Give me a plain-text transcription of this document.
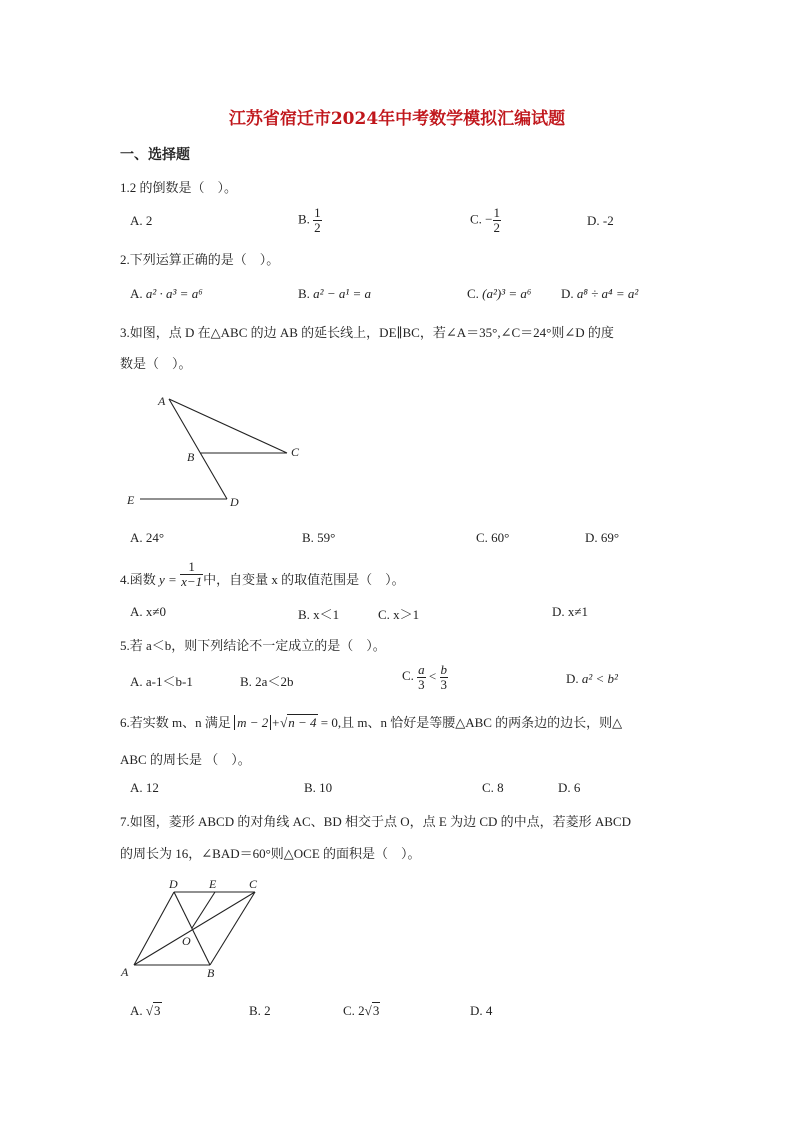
江苏省宿迁市2024年中考数学模拟汇编试题
一、选择题
1.2 的倒数是（　）。
A. 2	B. $\frac{1}{2}$	C. − $\frac{1}{2}$	D. -2
2.下列运算正确的是（　）。
A. a² · a³ = a⁶	B. a² − a¹ = a	C. (a²)³ = a⁶ D. a⁸ ÷ a⁴ = a²
3.如图，点 D 在△ABC 的边 AB 的延长线上，DE∥BC，若∠A＝35°,∠C＝24°则∠D 的度
数是（　）。
A
B	C
D
E
A. 24°	B. 59°	C. 60°	D. 69°
4.函数 $y = \frac{1}{x-1}$ 中，自变量 x 的取值范围是（　）。
A. x≠0	B. x＜1	C. x＞1	D. x≠1
5.若 a＜b，则下列结论不一定成立的是（　）。
A. a-1＜b-1	B. 2a＜2b	C. $\frac{a}{3} < \frac{b}{3}$	D. a² < b²
6.若实数 m、n 满足 m − 2 +√n − 4 = 0,且 m、n 恰好是等腰△ABC 的两条边的边长，则△
ABC 的周长是 （　）。
A. 12	B. 10	C. 8	D. 6
7.如图，菱形 ABCD 的对角线 AC、BD 相交于点 O，点 E 为边 CD 的中点，若菱形 ABCD
的周长为 16，∠BAD＝60°则△OCE 的面积是（　）。
A	B
C
D	E
O
A. √3	B. 2	C. 2√3	D. 4
